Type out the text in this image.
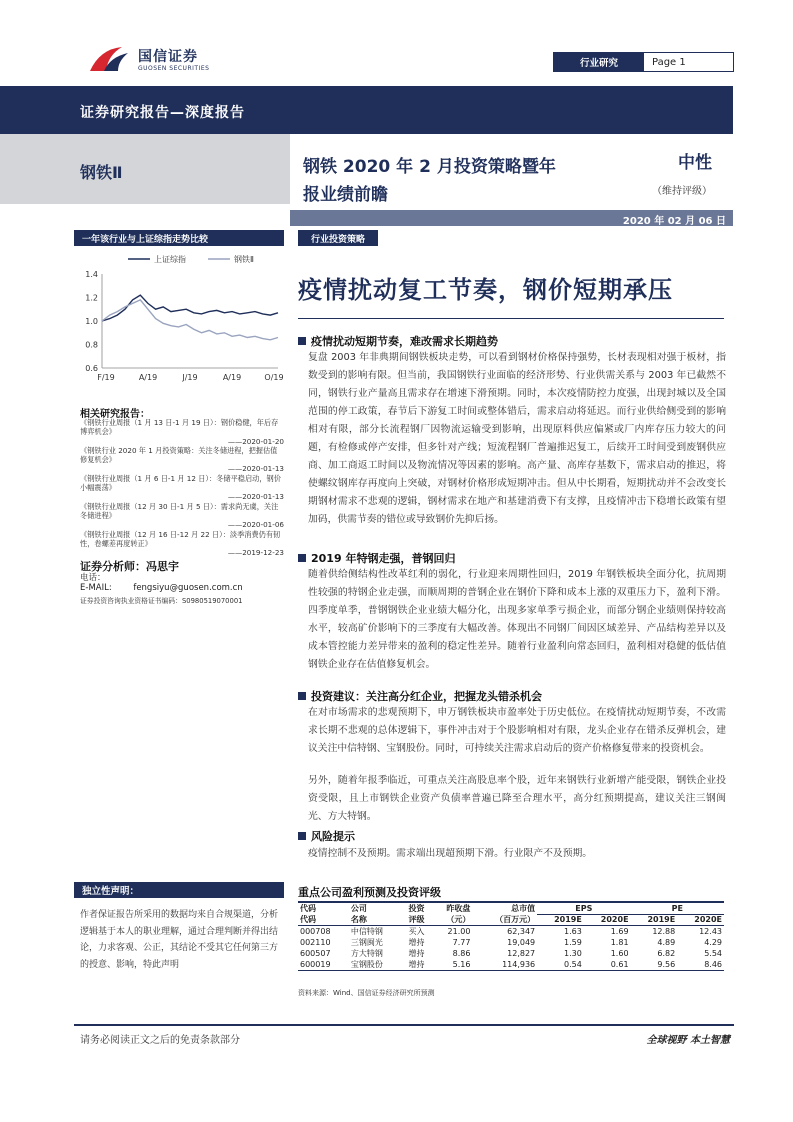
国信证券
GUOSEN SECURITIES	行业研究	Page 1
证券研究报告—深度报告
钢铁Ⅱ	钢铁 2020 年 2 月投资策略暨年
报业绩前瞻
中性
（维持评级）
2020 年 02 月 06 日
一年该行业与上证综指走势比较
1.4
1.2
1.0
0.8
0.6
F/19	A/19	J/19	A/19	O/19
上证综指	钢铁Ⅱ
相关研究报告：
《钢铁行业周报（1 月 13 日-1 月 19 日）：钢价稳健，年后存博弈机会》
——2020-01-20
《钢铁行业 2020 年 1 月投资策略：关注冬储进程，把握估值修复机会》
——2020-01-13
《钢铁行业周报（1 月 6 日-1 月 12 日）：冬储平稳启动，钢价小幅震荡》
——2020-01-13
《钢铁行业周报（12 月 30 日-1 月 5 日）：需求尚无虞，关注冬储进程》
——2020-01-06
《钢铁行业周报（12 月 16 日-12 月 22 日）：淡季消费仍有韧性，卷螺差再度转正》
——2019-12-23
证券分析师：冯思宇
电话：
E-MAIL:	fengsiyu@guosen.com.cn
证券投资咨询执业资格证书编码：S0980519070001
独立性声明：
作者保证报告所采用的数据均来自合规渠道，分析逻辑基于本人的职业理解，通过合理判断并得出结论，力求客观、公正，其结论不受其它任何第三方的授意、影响，特此声明
行业投资策略
疫情扰动复工节奏，钢价短期承压
疫情扰动短期节奏，难改需求长期趋势
复盘 2003 年非典期间钢铁板块走势，可以看到钢材价格保持强势，长材表现相对强于板材，指数受到的影响有限。但当前，我国钢铁行业面临的经济形势、行业供需关系与 2003 年已截然不同，钢铁行业产量高且需求存在增速下滑预期。同时，本次疫情防控力度强，出现封城以及全国范围的停工政策，春节后下游复工时间或整体错后，需求启动将延迟。而行业供给侧受到的影响相对有限，部分长流程钢厂因物流运输受到影响，出现原料供应偏紧或厂内库存压力较大的问题，有检修或停产安排，但多针对产线；短流程钢厂普遍推迟复工，后续开工时间受到废钢供应商、加工商返工时间以及物流情况等因素的影响。高产量、高库存基数下，需求启动的推迟，将使螺纹钢库存再度向上突破，对钢材价格形成短期冲击。但从中长期看，短期扰动并不会改变长期钢材需求不悲观的逻辑，钢材需求在地产和基建消费下有支撑，且疫情冲击下稳增长政策有望加码，供需节奏的错位或导致钢价先抑后扬。
2019 年特钢走强，普钢回归
随着供给侧结构性改革红利的弱化，行业迎来周期性回归，2019 年钢铁板块全面分化，抗周期性较强的特钢企业走强，而顺周期的普钢企业在钢价下降和成本上涨的双重压力下，盈利下滑。四季度单季，普钢钢铁企业业绩大幅分化，出现多家单季亏损企业，而部分钢企业绩则保持较高水平，较高矿价影响下的三季度有大幅改善。体现出不同钢厂间因区域差异、产品结构差异以及成本管控能力差异带来的盈利的稳定性差异。随着行业盈利向常态回归，盈利相对稳健的低估值钢铁企业存在估值修复机会。
投资建议：关注高分红企业，把握龙头错杀机会
在对市场需求的悲观预期下，申万钢铁板块市盈率处于历史低位。在疫情扰动短期节奏，不改需求长期不悲观的总体逻辑下，事件冲击对于个股影响相对有限，龙头企业存在错杀反弹机会，建议关注中信特钢、宝钢股份。同时，可持续关注需求启动后的资产价格修复带来的投资机会。
另外，随着年报季临近，可重点关注高股息率个股，近年来钢铁行业新增产能受限，钢铁企业投资受限，且上市钢铁企业资产负债率普遍已降至合理水平，高分红预期提高，建议关注三钢闽光、方大特钢。
风险提示
疫情控制不及预期。需求端出现超预期下滑。行业限产不及预期。
重点公司盈利预测及投资评级
代码	公司	投资	昨收盘	总市值	EPS		PE	
代码	名称	评级	（元）	（百万元）	2019E	2020E	2019E	2020E
000708	中信特钢	买入	21.00	62,347	1.63	1.69	12.88	12.43
002110	三钢闽光	增持	7.77	19,049	1.59	1.81	4.89	4.29
600507	方大特钢	增持	8.86	12,827	1.30	1.60	6.82	5.54
600019	宝钢股份	增持	5.16	114,936	0.54	0.61	9.56	8.46
资料来源：Wind、国信证券经济研究所预测
请务必阅读正文之后的免责条款部分	全球视野 本土智慧
